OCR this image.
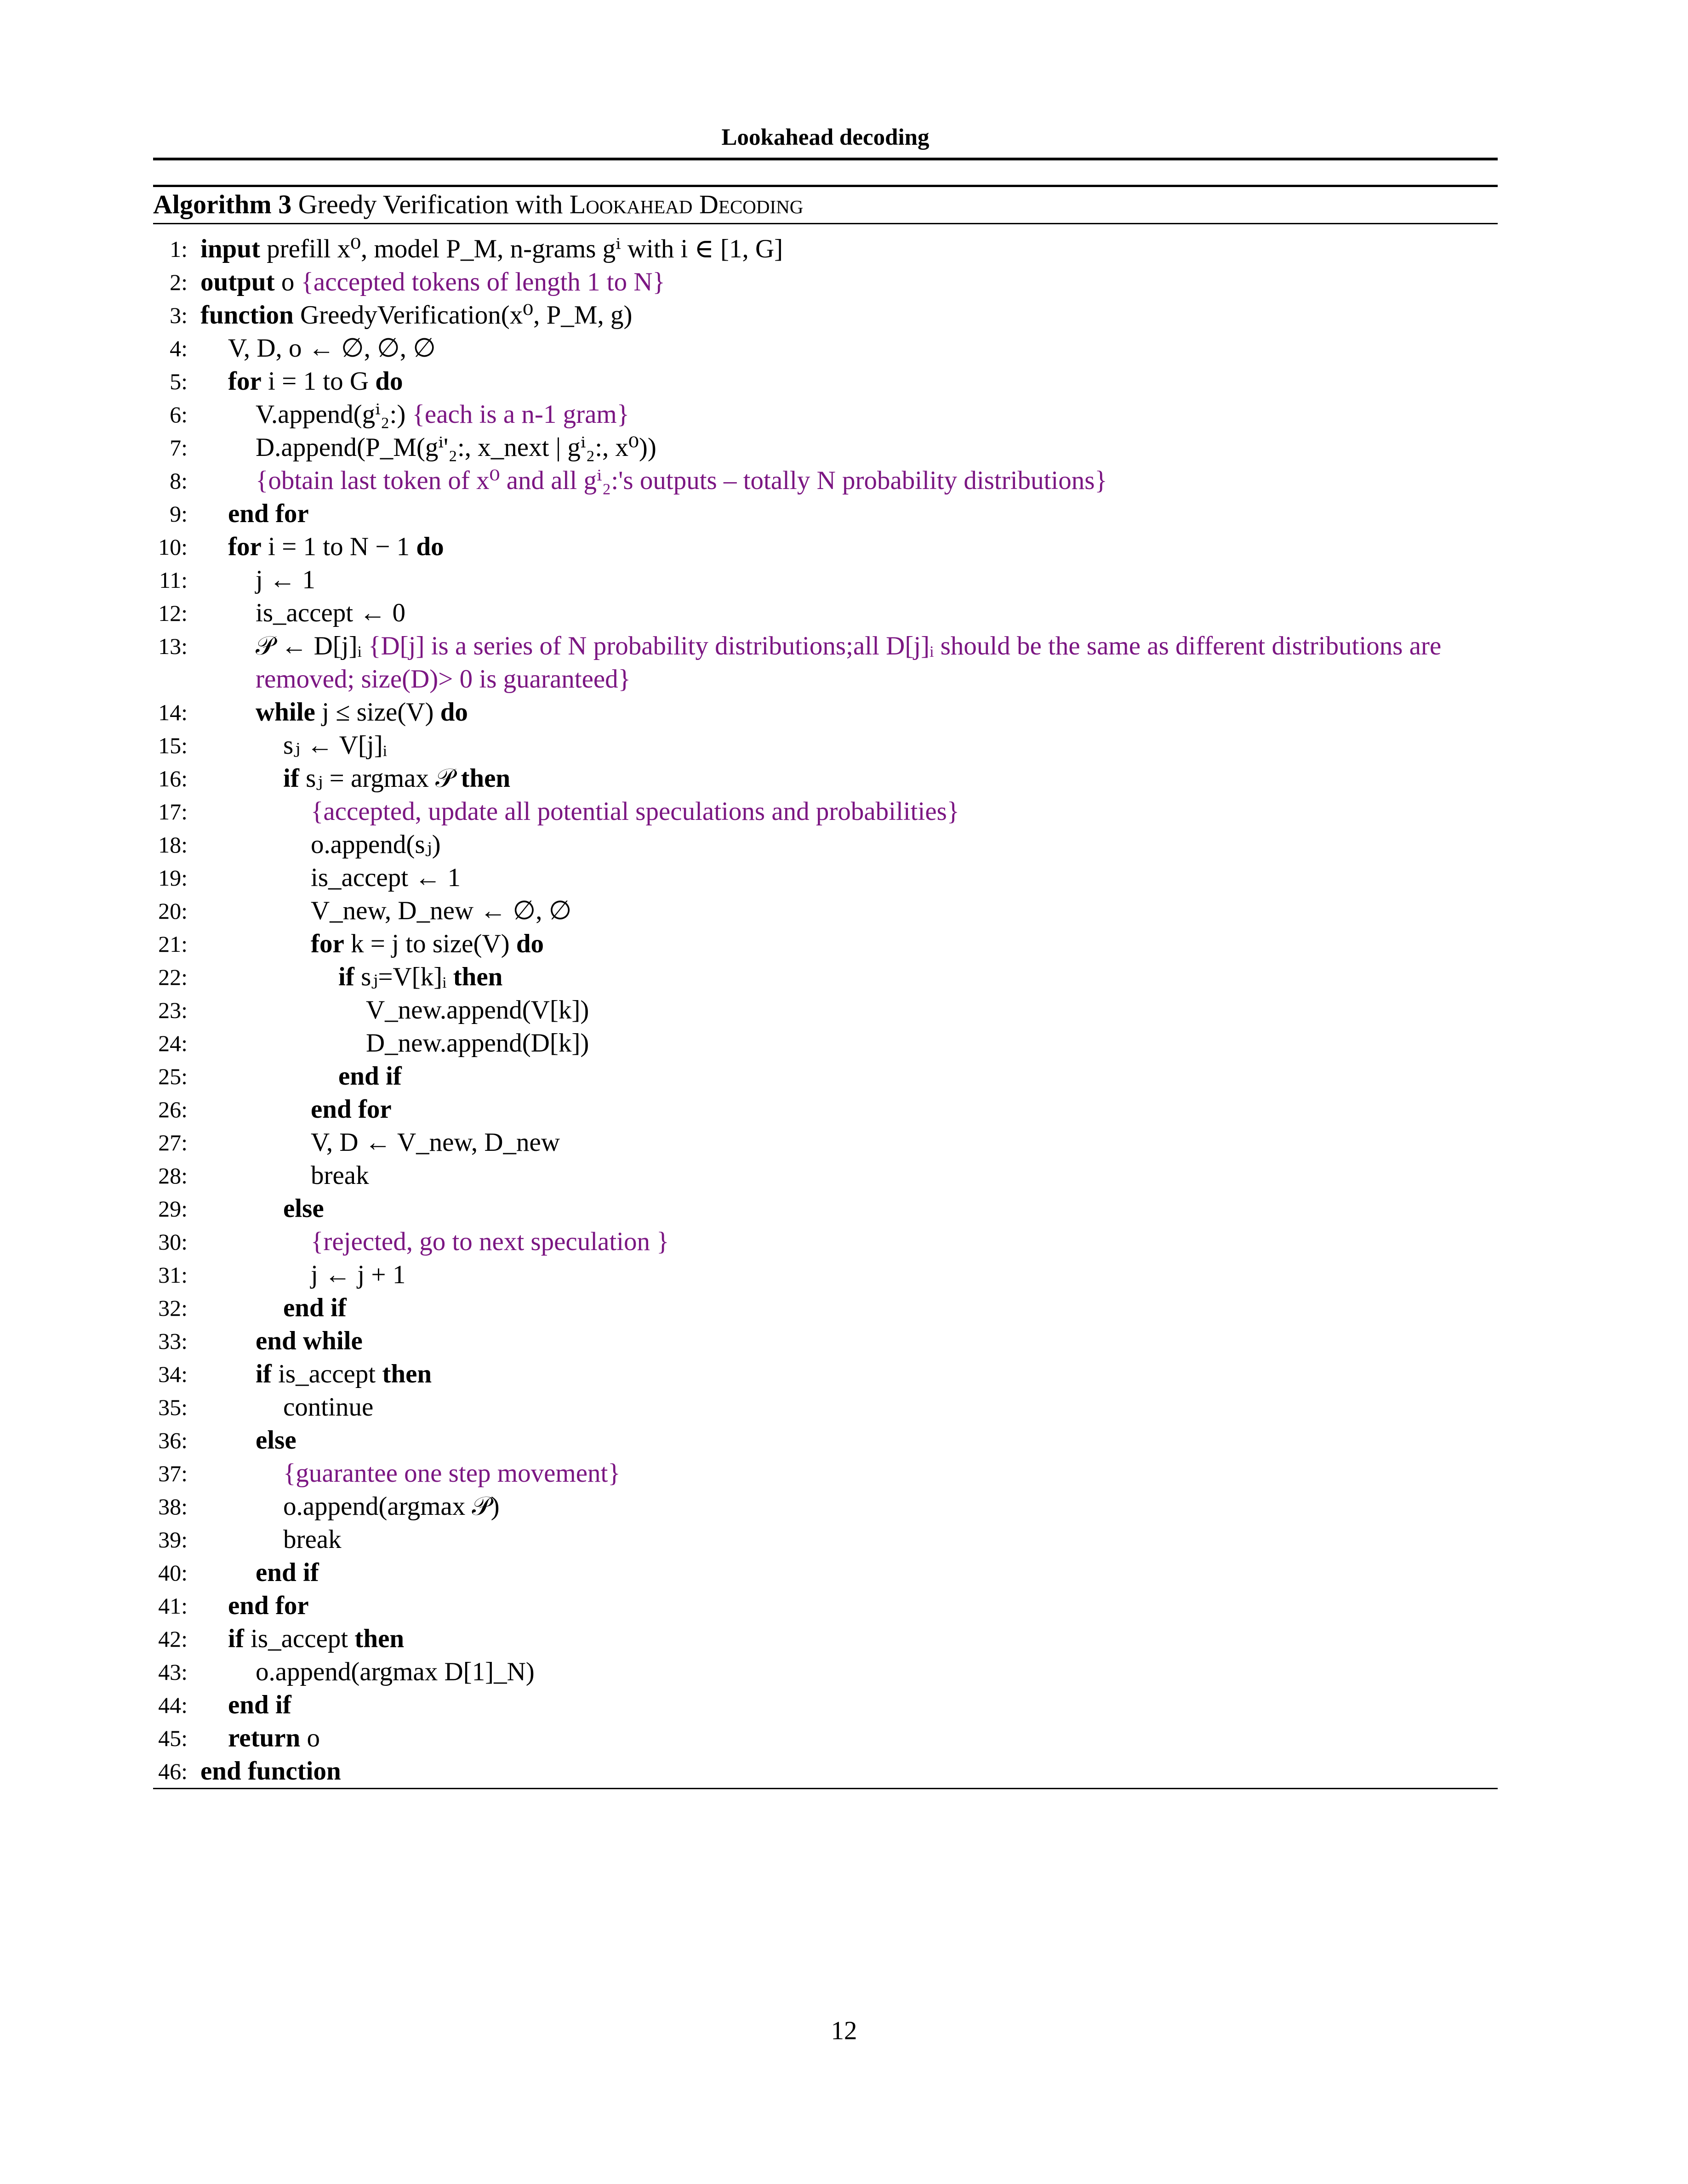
Lookahead decoding
Algorithm 3 Greedy Verification with Lookahead Decoding
1: input prefill x⁰, model P_M, n-grams gⁱ with i ∈ [1, G]
2: output o {accepted tokens of length 1 to N}
3: function GreedyVerification(x⁰, P_M, g)
4: V, D, o ← ∅, ∅, ∅
5: for i = 1 to G do
6:	V.append(gⁱ₂:) {each is a n-1 gram}
7:	D.append(P_M(gⁱ'₂:, x_next | gⁱ₂:, x⁰))
8:	{obtain last token of x⁰ and all gⁱ₂:'s outputs – totally N probability distributions}
9: end for
10: for i = 1 to N − 1 do
11:	j ← 1
12:	is_accept ← 0
13:	𝒫 ← D[j]ᵢ {D[j] is a series of N probability distributions;all D[j]ᵢ should be the same as different distributions are removed; size(D)> 0 is guaranteed}
14:	while j ≤ size(V) do
15:	sⱼ ← V[j]ᵢ
16:	if sⱼ = argmax 𝒫 then
17:	{accepted, update all potential speculations and probabilities}
18:	o.append(sⱼ)
19:	is_accept ← 1
20:	V_new, D_new ← ∅, ∅
21:	for k = j to size(V) do
22:	if sⱼ=V[k]ᵢ then
23:	V_new.append(V[k])
24:	D_new.append(D[k])
25:	end if
26:	end for
27:	V, D ← V_new, D_new
28:	break
29:	else
30:	{rejected, go to next speculation }
31:	j ← j + 1
32:	end if
33:	end while
34:	if is_accept then
35:	continue
36:	else
37:	{guarantee one step movement}
38:	o.append(argmax 𝒫)
39:	break
40:	end if
41: end for
42: if is_accept then
43:	o.append(argmax D[1]_N)
44: end if
45: return o
46: end function
12
